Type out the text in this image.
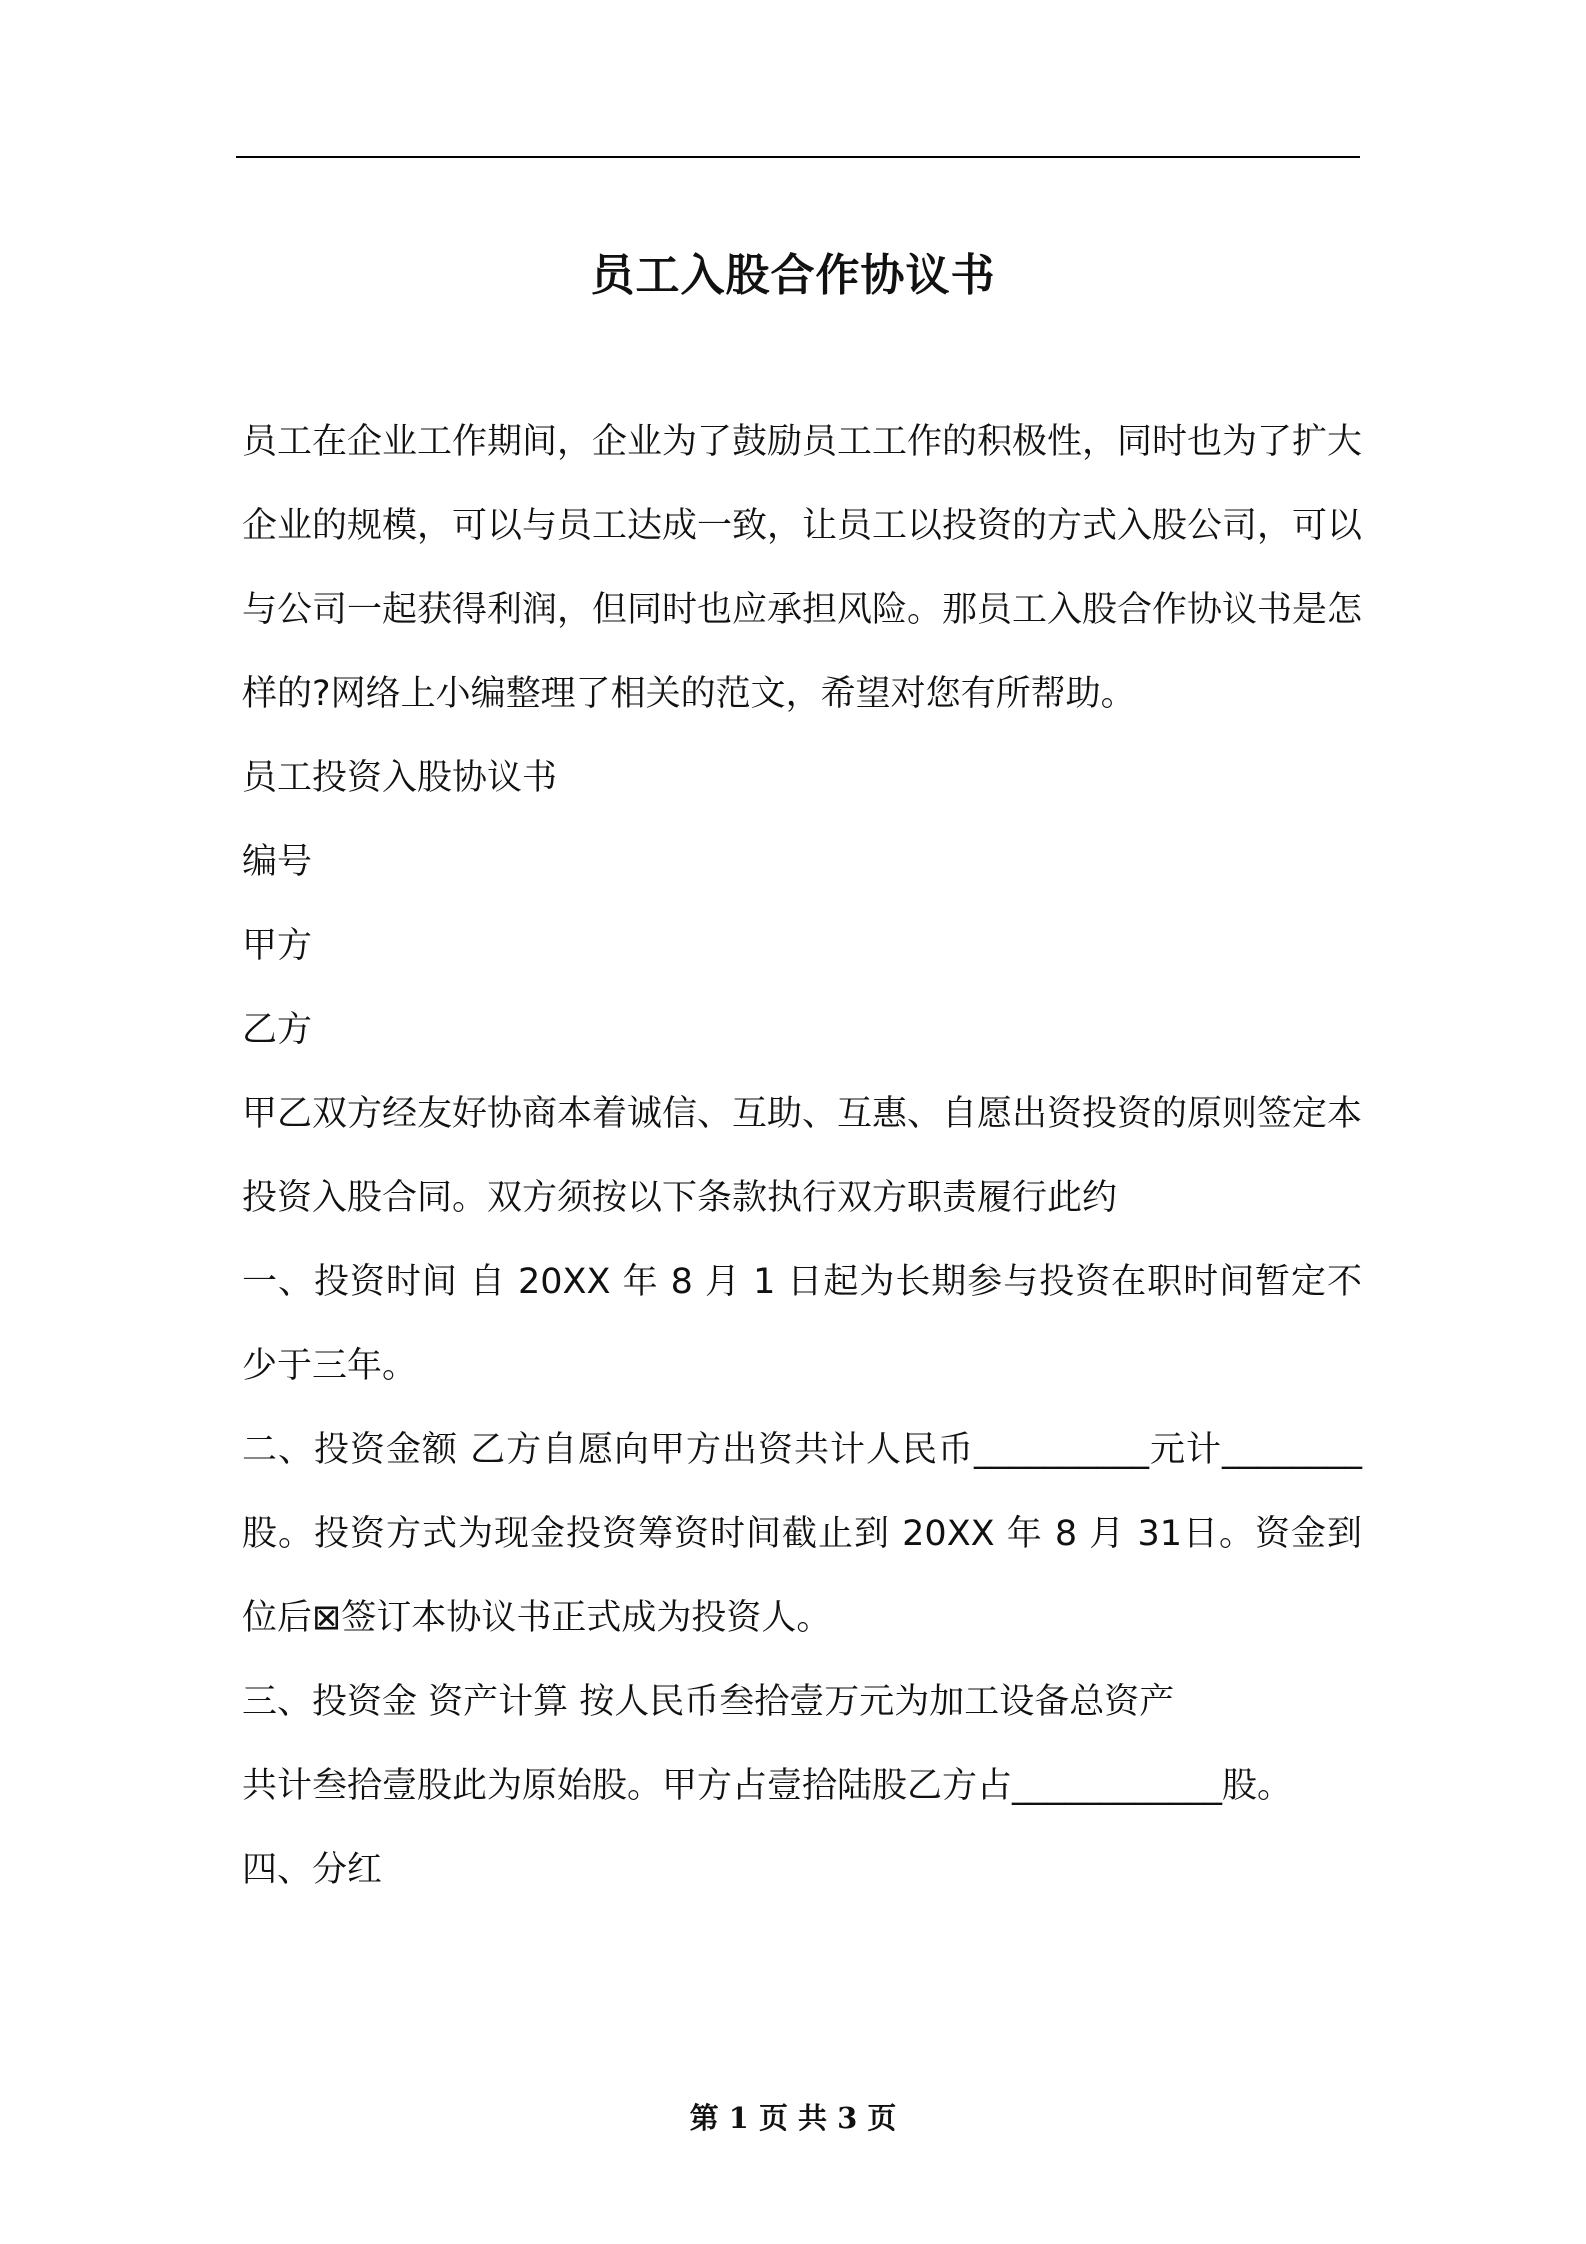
员工入股合作协议书

员工在企业工作期间，企业为了鼓励员工工作的积极性，同时也为了扩大企业的规模，可以与员工达成一致，让员工以投资的方式入股公司，可以与公司一起获得利润，但同时也应承担风险。那员工入股合作协议书是怎样的?网络上小编整理了相关的范文，希望对您有所帮助。

员工投资入股协议书

编号

甲方

乙方

甲乙双方经友好协商本着诚信、互助、互惠、自愿出资投资的原则签定本投资入股合同。双方须按以下条款执行双方职责履行此约

一、投资时间 自 20XX 年 8 月 1 日起为长期参与投资在职时间暂定不少于三年。

二、投资金额 乙方自愿向甲方出资共计人民币__________元计________股。投资方式为现金投资筹资时间截止到 20XX 年 8 月 31日。资金到位后⊠签订本协议书正式成为投资人。

三、投资金 资产计算 按人民币叁拾壹万元为加工设备总资产

共计叁拾壹股此为原始股。甲方占壹拾陆股乙方占____________股。

四、分红

第 1 页 共 3 页
